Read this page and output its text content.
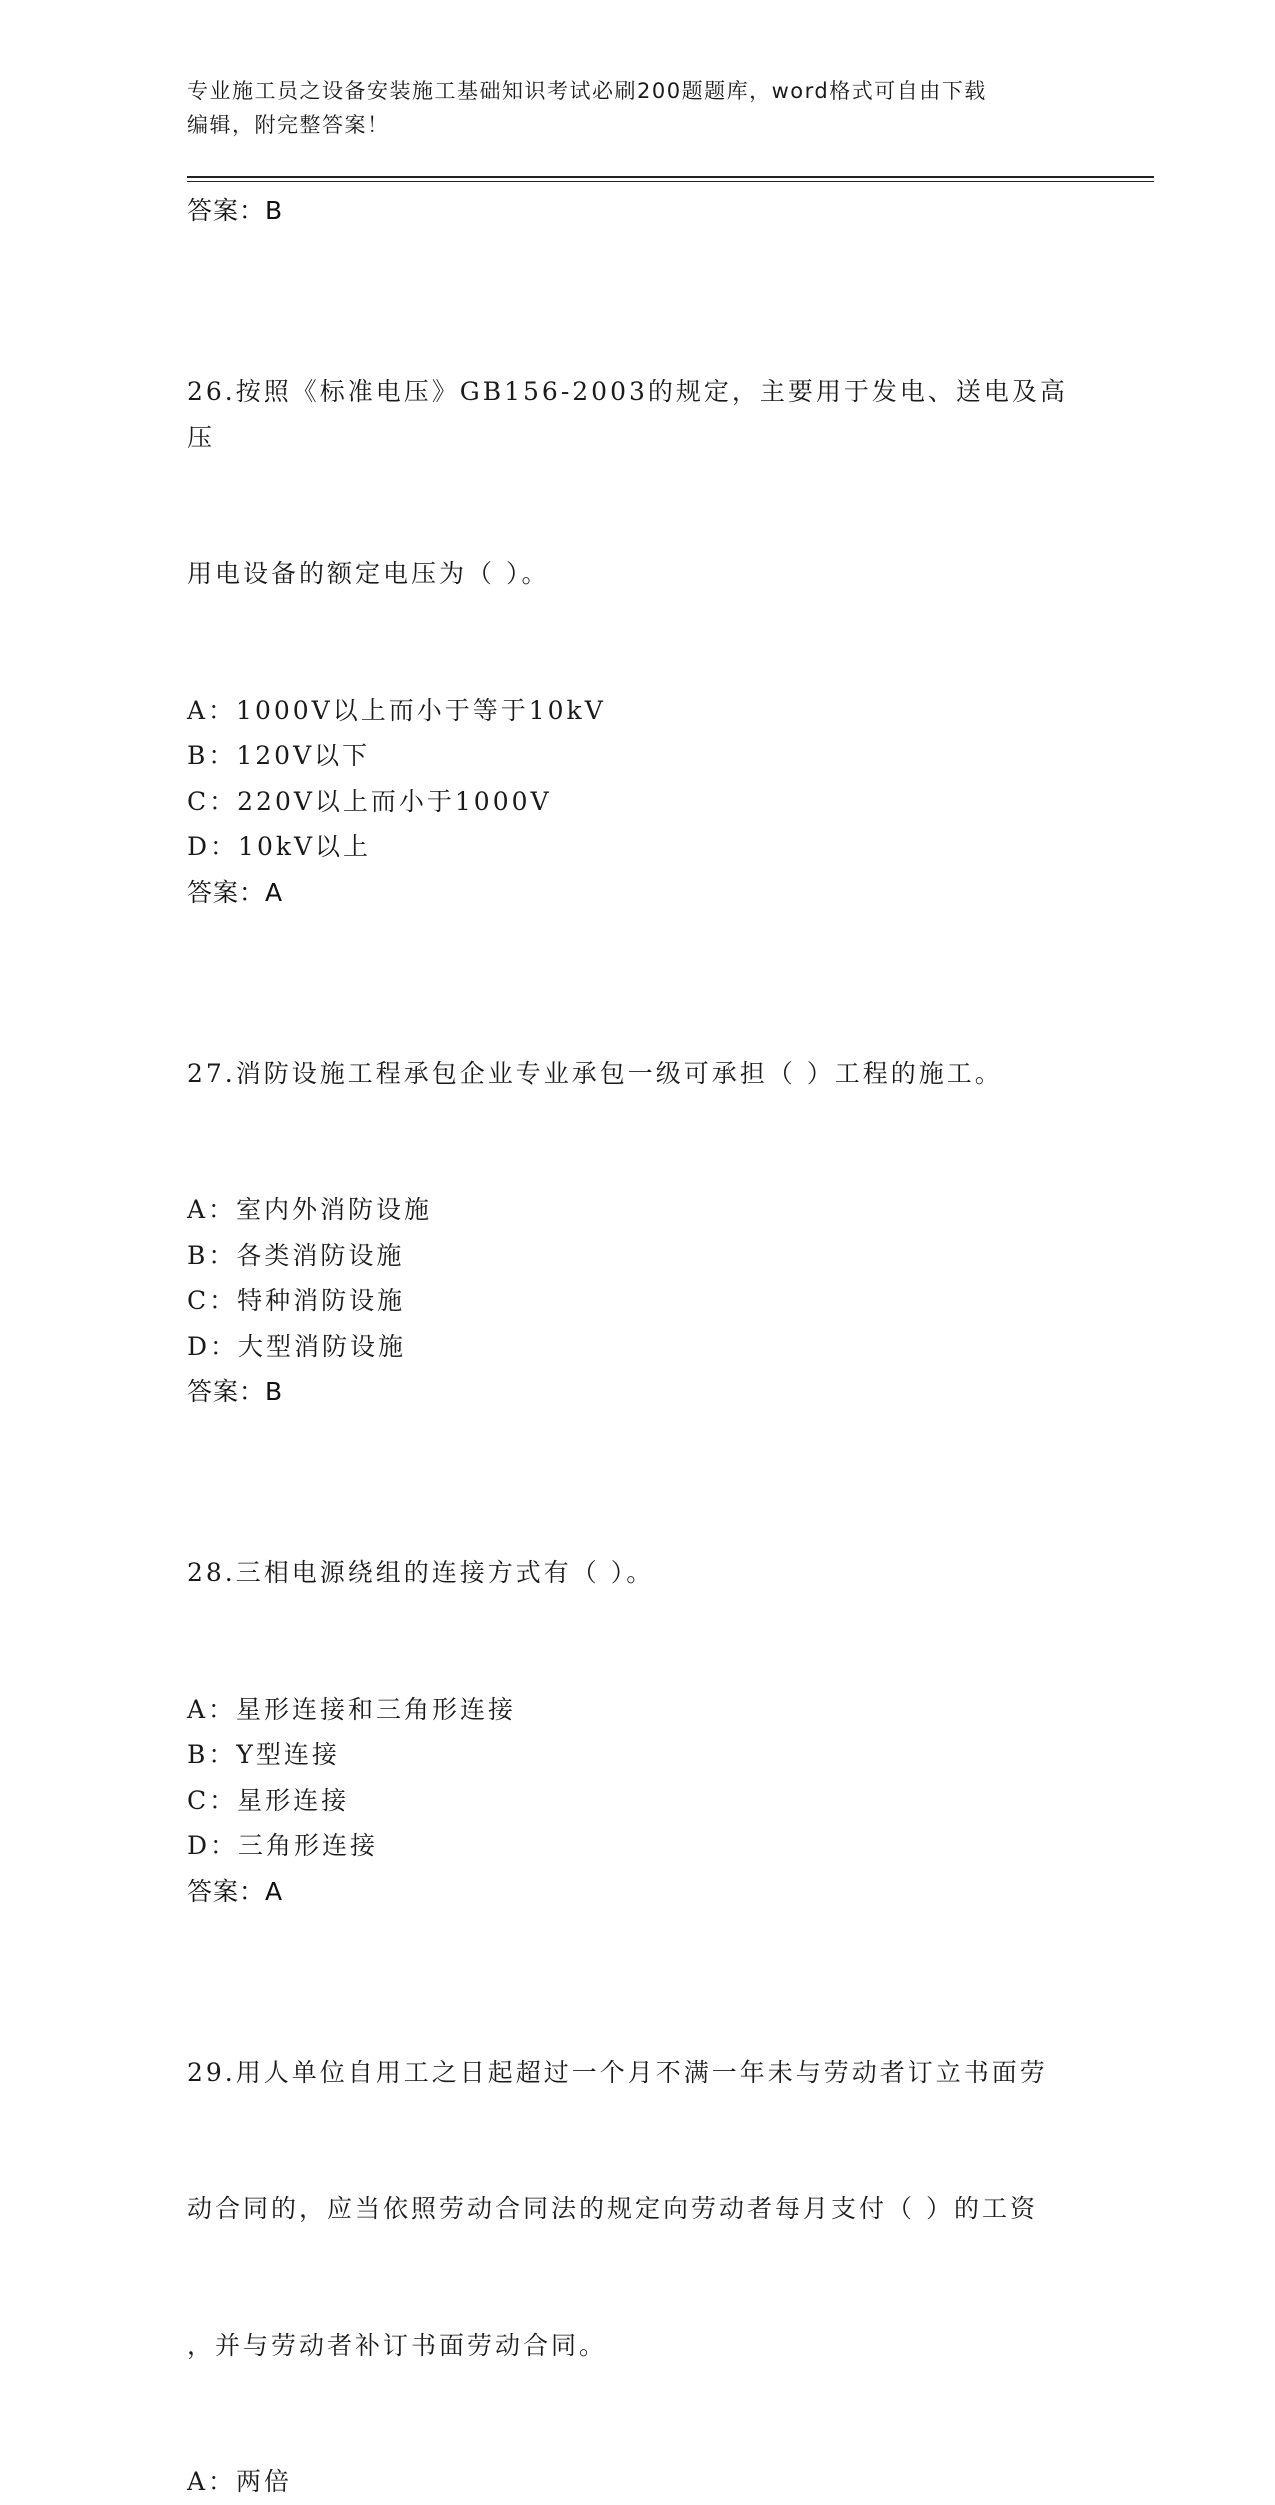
专业施工员之设备安装施工基础知识考试必刷200题题库，word格式可自由下载
编辑，附完整答案！
答案：B

26.按照《标准电压》GB156-2003的规定，主要用于发电、送电及高压

用电设备的额定电压为（ ）。

A：1000V以上而小于等于10kV
B：120V以下
C：220V以上而小于1000V
D：10kV以上
答案：A

27.消防设施工程承包企业专业承包一级可承担（ ）工程的施工。

A：室内外消防设施
B：各类消防设施
C：特种消防设施
D：大型消防设施
答案：B

28.三相电源绕组的连接方式有（ ）。

A：星形连接和三角形连接
B：Y型连接
C：星形连接
D：三角形连接
答案：A

29.用人单位自用工之日起超过一个月不满一年未与劳动者订立书面劳

动合同的，应当依照劳动合同法的规定向劳动者每月支付（ ）的工资

，并与劳动者补订书面劳动合同。

A：两倍
